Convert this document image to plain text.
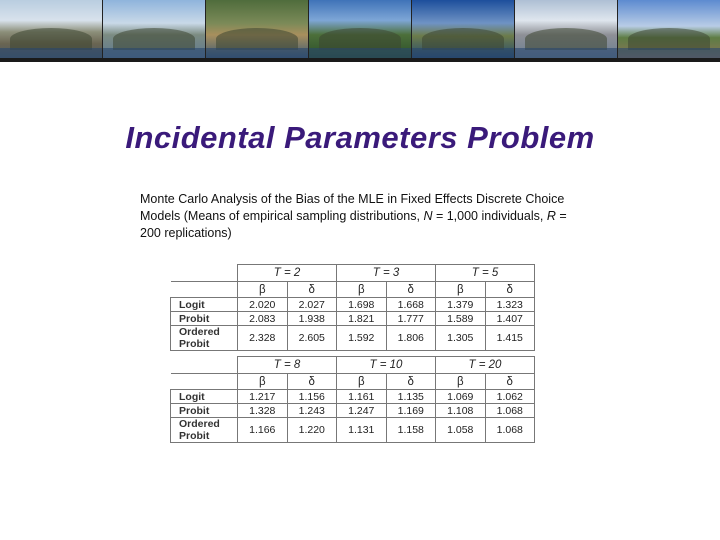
Incidental Parameters Problem
Monte Carlo Analysis of the Bias of the MLE in Fixed Effects Discrete Choice Models (Means of empirical sampling distributions, N = 1,000 individuals, R = 200 replications)
	T = 2		T = 3		T = 5	
	β	δ	β	δ	β	δ
Logit	2.020	2.027	1.698	1.668	1.379	1.323
Probit	2.083	1.938	1.821	1.777	1.589	1.407
Ordered Probit	2.328	2.605	1.592	1.806	1.305	1.415
	T = 8		T = 10		T = 20	
	β	δ	β	δ	β	δ
Logit	1.217	1.156	1.161	1.135	1.069	1.062
Probit	1.328	1.243	1.247	1.169	1.108	1.068
Ordered Probit	1.166	1.220	1.131	1.158	1.058	1.068
